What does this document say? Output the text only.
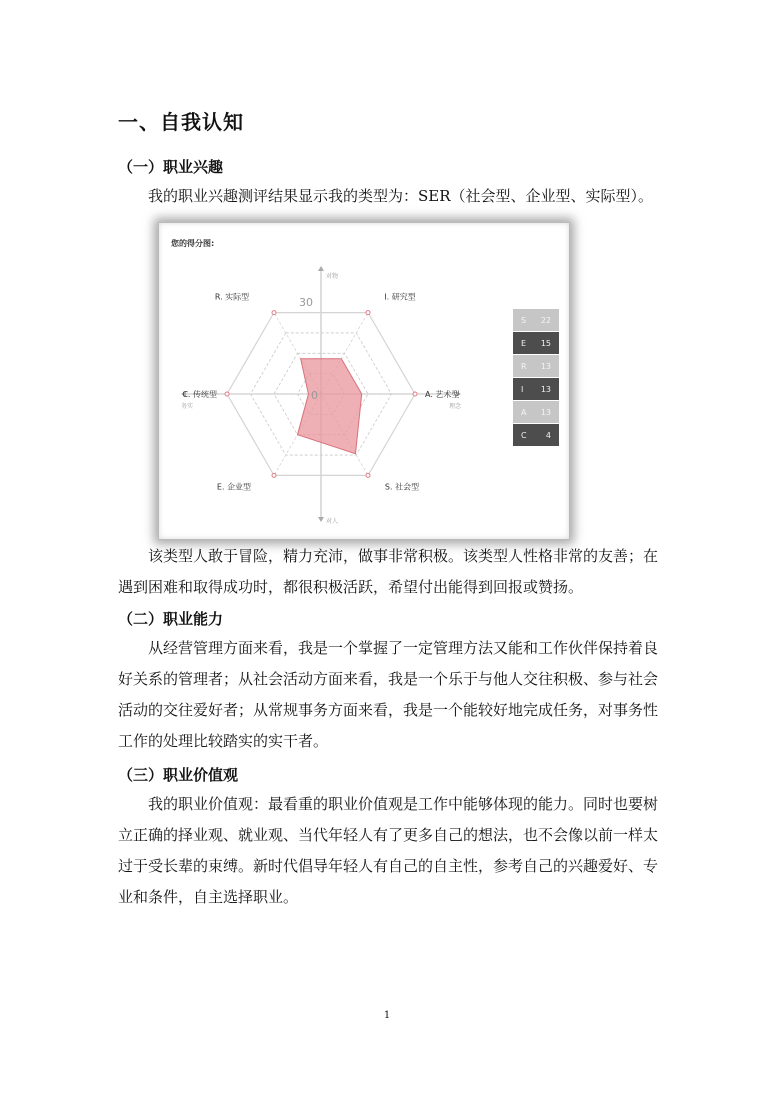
一、自我认知
（一）职业兴趣

我的职业兴趣测评结果显示我的类型为：SER（社会型、企业型、实际型）。

您的得分图:

R. 实际型	I. 研究型
A. 艺术型
S. 社会型
E. 企业型
C. 传统型
30
0
对物
对人
务实	理念
S 22
E 15
R 13
I 13
A 13
C 4

该类型人敢于冒险，精力充沛，做事非常积极。该类型人性格非常的友善；在遇到困难和取得成功时，都很积极活跃，希望付出能得到回报或赞扬。

（二）职业能力

从经营管理方面来看，我是一个掌握了一定管理方法又能和工作伙伴保持着良好关系的管理者；从社会活动方面来看，我是一个乐于与他人交往积极、参与社会活动的交往爱好者；从常规事务方面来看，我是一个能较好地完成任务，对事务性工作的处理比较踏实的实干者。

（三）职业价值观

我的职业价值观：最看重的职业价值观是工作中能够体现的能力。同时也要树立正确的择业观、就业观、当代年轻人有了更多自己的想法，也不会像以前一样太过于受长辈的束缚。新时代倡导年轻人有自己的自主性，参考自己的兴趣爱好、专业和条件，自主选择职业。

1
